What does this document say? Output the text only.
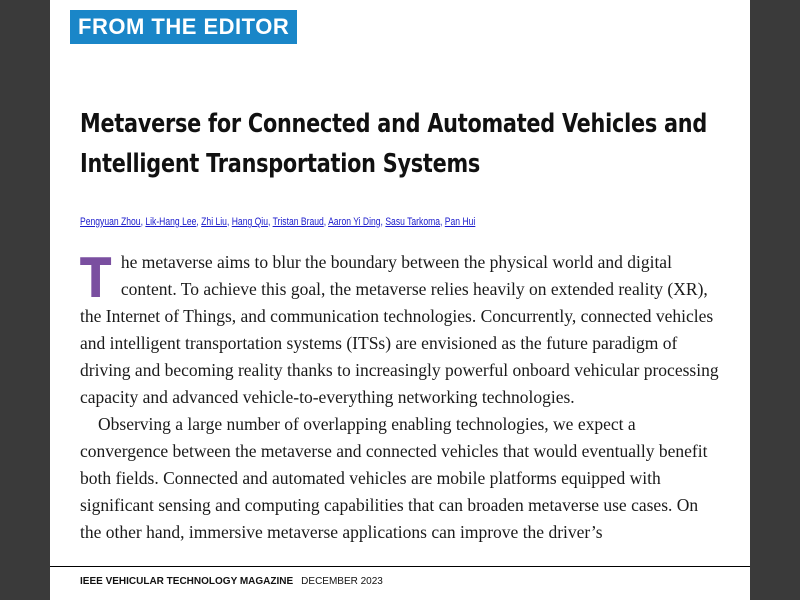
FROM THE EDITOR
Metaverse for Connected and Automated Vehicles and Intelligent Transportation Systems
Pengyuan Zhou, Lik-Hang Lee, Zhi Liu, Hang Qiu, Tristan Braud, Aaron Yi Ding, Sasu Tarkoma, Pan Hui

The metaverse aims to blur the boundary between the physical world and digital content. To achieve this goal, the metaverse relies heavily on extended reality (XR), the Internet of Things, and communication technologies. Concurrently, connected vehicles and intelligent transportation systems (ITSs) are envisioned as the future paradigm of driving and becoming reality thanks to increasingly powerful onboard vehicular processing capacity and advanced vehicle-to-everything networking technologies.

Observing a large number of overlapping enabling technologies, we expect a convergence between the metaverse and connected vehicles that would eventually benefit both fields. Connected and automated vehicles are mobile platforms equipped with significant sensing and computing capabilities that can broaden metaverse use cases. On the other hand, immersive metaverse applications can improve the driver’s

IEEE VEHICULAR TECHNOLOGY MAGAZINE DECEMBER 2023
